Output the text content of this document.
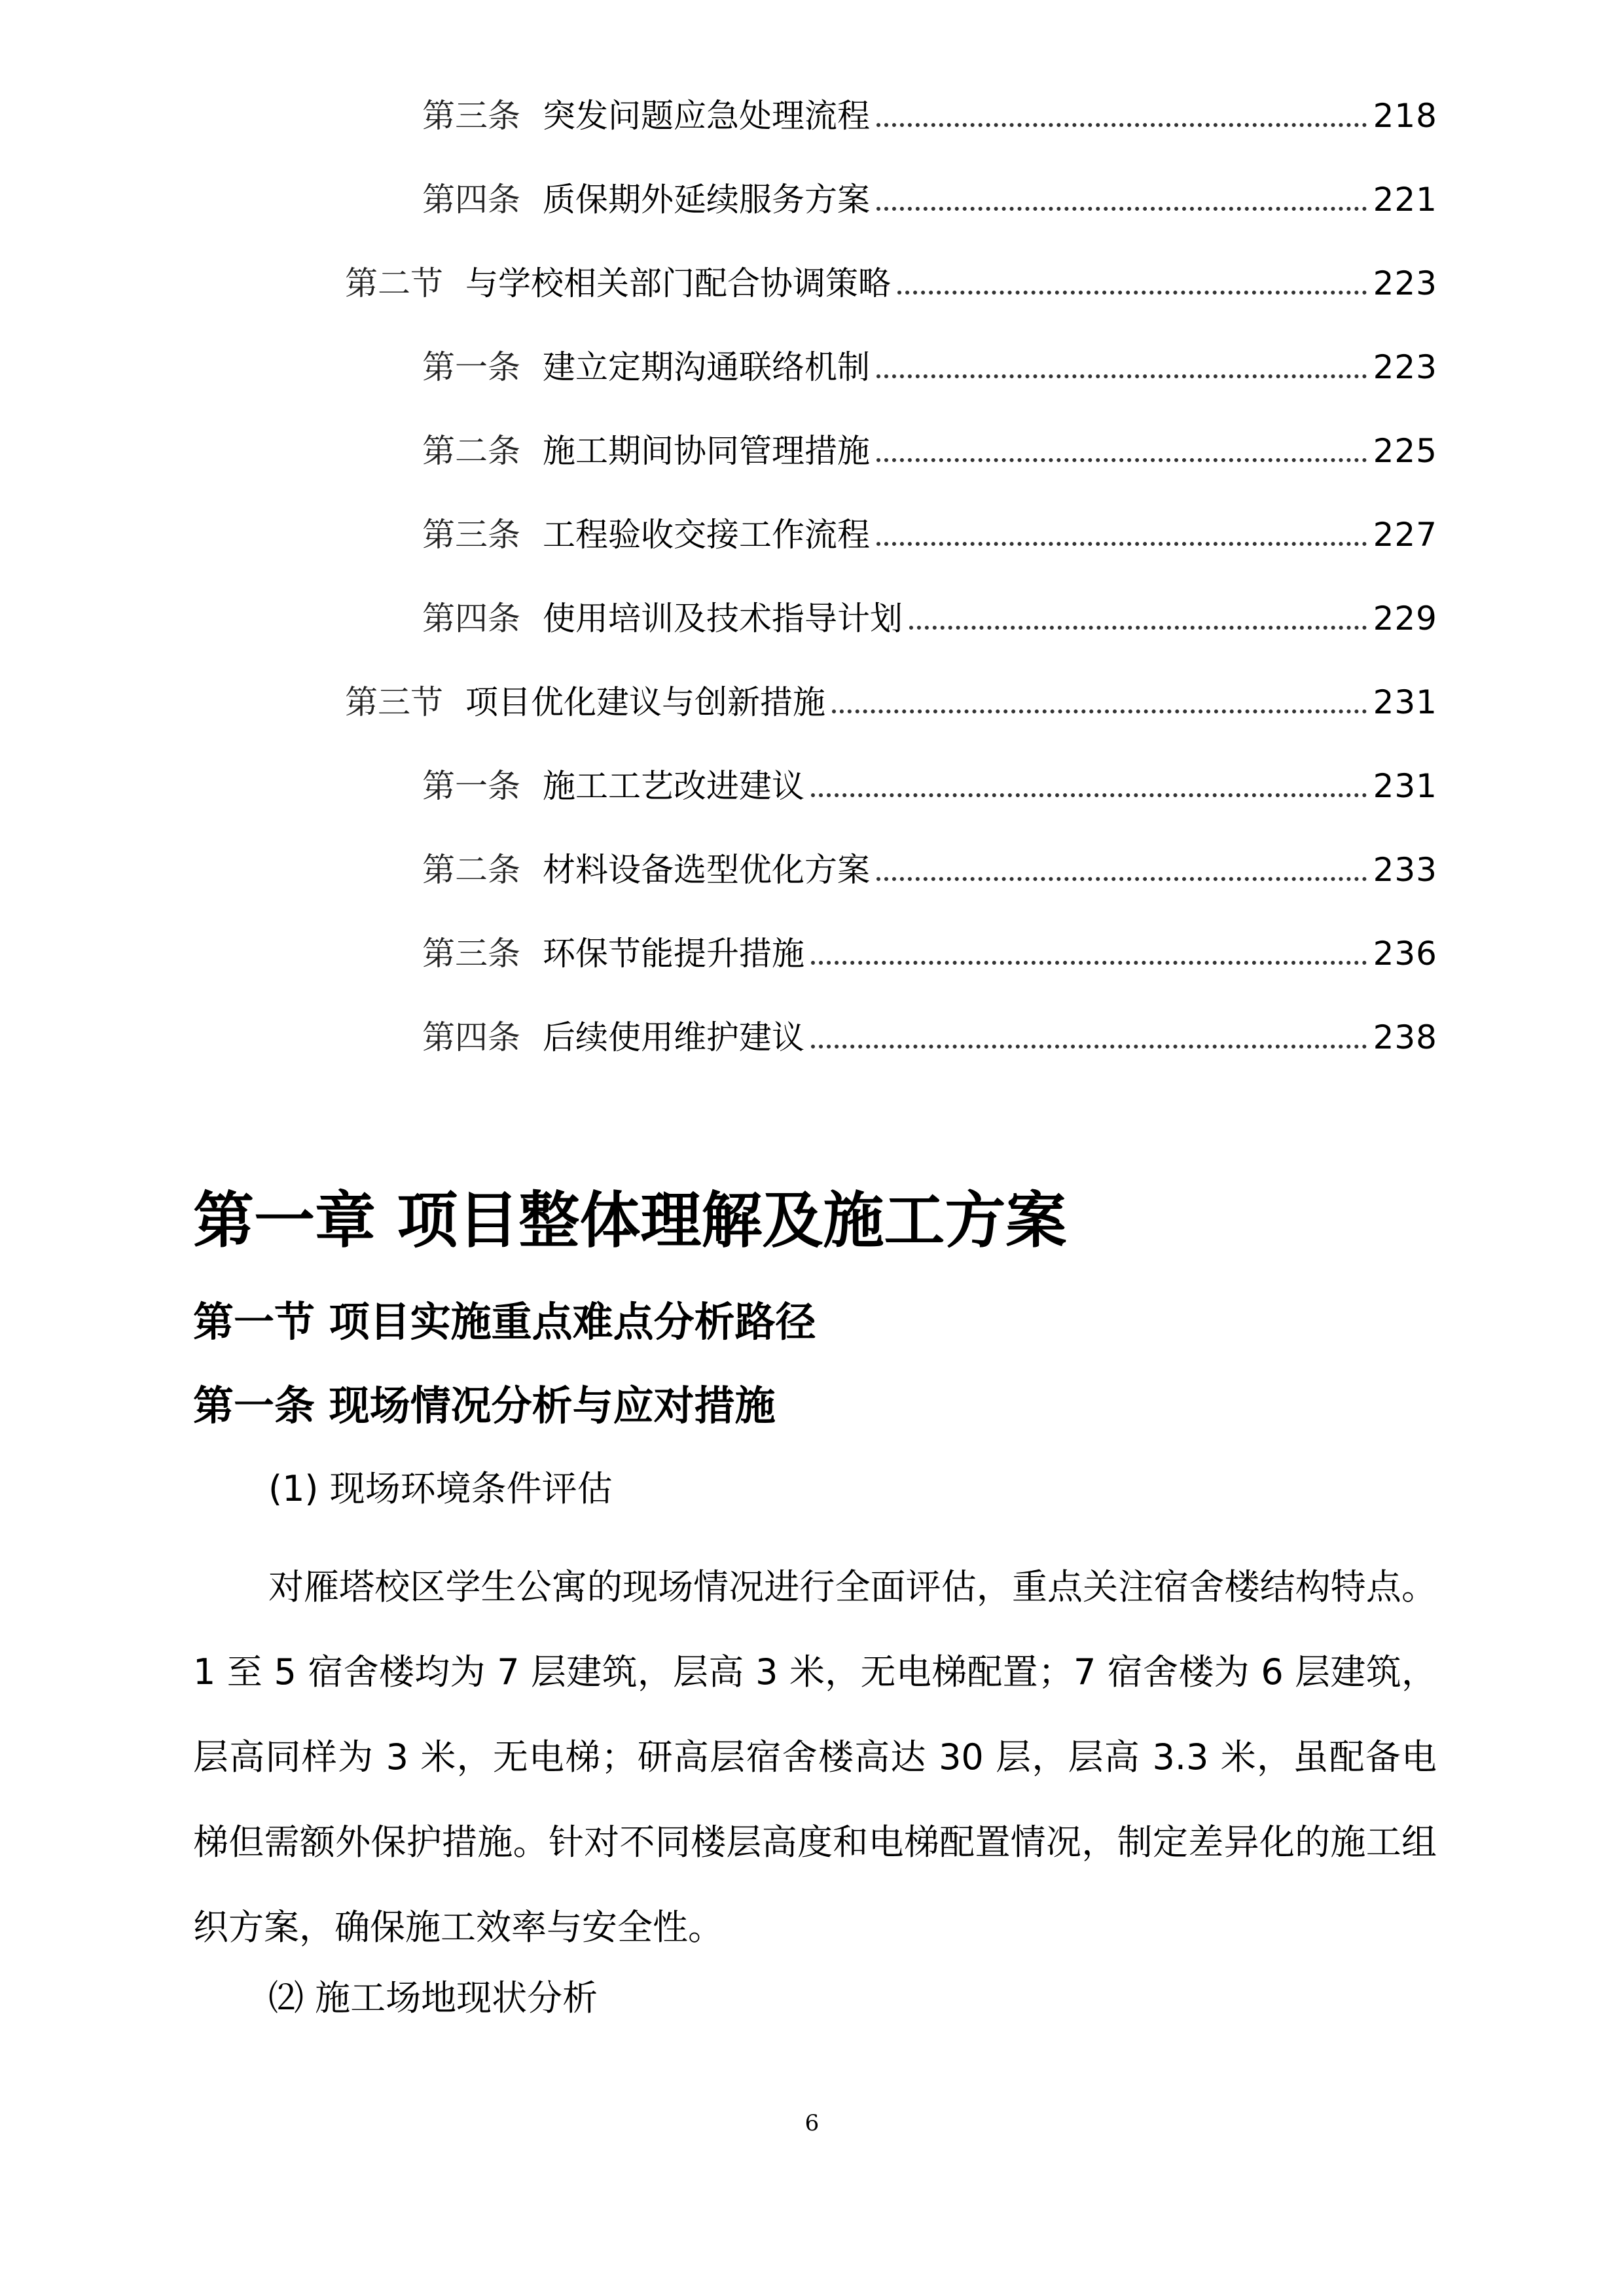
第三条 突发问题应急处理流程	218
第四条 质保期外延续服务方案	221
第二节 与学校相关部门配合协调策略	223
第一条 建立定期沟通联络机制	223
第二条 施工期间协同管理措施	225
第三条 工程验收交接工作流程	227
第四条 使用培训及技术指导计划	229
第三节 项目优化建议与创新措施	231
第一条 施工工艺改进建议	231
第二条 材料设备选型优化方案	233
第三条 环保节能提升措施	236
第四条 后续使用维护建议	238
第一章 项目整体理解及施工方案
第一节 项目实施重点难点分析路径
第一条 现场情况分析与应对措施
(1) 现场环境条件评估
对雁塔校区学生公寓的现场情况进行全面评估，重点关注宿舍楼结构特点。1 至 5 宿舍楼均为 7 层建筑，层高 3 米，无电梯配置；7 宿舍楼为 6 层建筑，层高同样为 3 米，无电梯；研高层宿舍楼高达 30 层，层高 3.3 米，虽配备电梯但需额外保护措施。针对不同楼层高度和电梯配置情况，制定差异化的施工组织方案，确保施工效率与安全性。
⑵ 施工场地现状分析
6
